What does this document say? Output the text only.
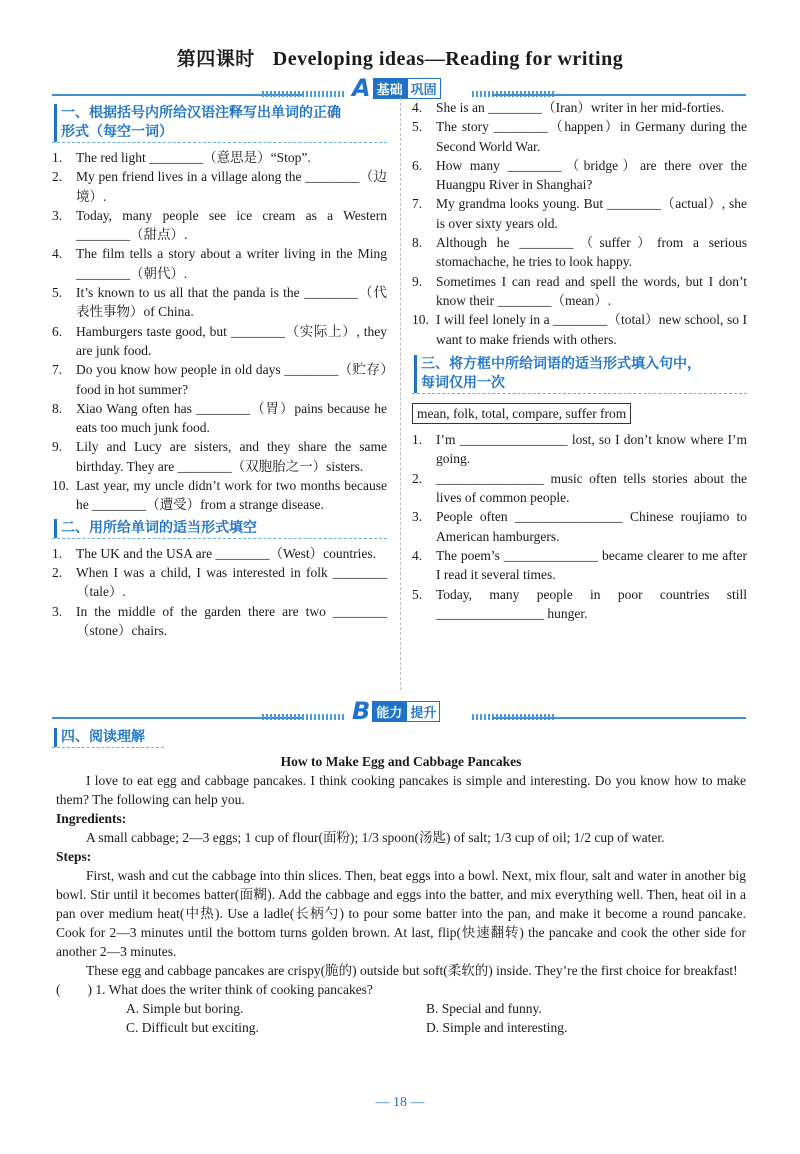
第四课时 Developing ideas—Reading for writing
A 基础 巩固
一、根据括号内所给汉语注释写出单词的正确
形式（每空一词）
1.	The red light ________（意思是）“Stop”.
2.	My pen friend lives in a village along the ________（边境）.
3.	Today, many people see ice cream as a Western ________（甜点）.
4.	The film tells a story about a writer living in the Ming ________（朝代）.
5.	It’s known to us all that the panda is the ________（代表性事物）of China.
6.	Hamburgers taste good, but ________（实际上）, they are junk food.
7.	Do you know how people in old days ________（贮存）food in hot summer?
8.	Xiao Wang often has ________（胃）pains because he eats too much junk food.
9.	Lily and Lucy are sisters, and they share the same birthday. They are ________（双胞胎之一）sisters.
10. Last year, my uncle didn’t work for two months because he ________（遭受）from a strange disease.
二、用所给单词的适当形式填空
1.	The UK and the USA are ________（West）countries.
2.	When I was a child, I was interested in folk ________（tale）.
3.	In the middle of the garden there are two ________（stone）chairs.
4.	She is an ________（Iran）writer in her mid-forties.
5.	The story ________（happen）in Germany during the Second World War.
6.	How many ________（bridge）are there over the Huangpu River in Shanghai?
7.	My grandma looks young. But ________（actual）, she is over sixty years old.
8.	Although he ________（suffer）from a serious stomachache, he tries to look happy.
9.	Sometimes I can read and spell the words, but I don’t know their ________（mean）.
10. I will feel lonely in a ________（total）new school, so I want to make friends with others.
三、将方框中所给词语的适当形式填入句中，
每词仅用一次
mean, folk, total, compare, suffer from
1.	I’m ________________ lost, so I don’t know where I’m going.
2.	________________ music often tells stories about the lives of common people.
3.	People often ________________ Chinese roujiamo to American hamburgers.
4.	The poem’s ______________ became clearer to me after I read it several times.
5.	Today, many people in poor countries still ________________ hunger.
B 能力 提升
四、阅读理解

How to Make Egg and Cabbage Pancakes

I love to eat egg and cabbage pancakes. I think cooking pancakes is simple and interesting. Do you know how to make them? The following can help you.

Ingredients:

A small cabbage; 2—3 eggs; 1 cup of flour(面粉); 1/3 spoon(汤匙) of salt; 1/3 cup of oil; 1/2 cup of water.

Steps:

First, wash and cut the cabbage into thin slices. Then, beat eggs into a bowl. Next, mix flour, salt and water in another big bowl. Stir until it becomes batter(面糊). Add the cabbage and eggs into the batter, and mix everything well. Then, heat oil in a pan over medium heat(中热). Use a ladle(长柄勺) to pour some batter into the pan, and make it become a round pancake. Cook for 2—3 minutes until the bottom turns golden brown. At last, flip(快速翻转) the pancake and cook the other side for another 2—3 minutes.

These egg and cabbage pancakes are crispy(脆的) outside but soft(柔软的) inside. They’re the first choice for breakfast!

(　　) 1. What does the writer think of cooking pancakes?

A. Simple but boring.	B. Special and funny.
C. Difficult but exciting.	D. Simple and interesting.
— 18 —
